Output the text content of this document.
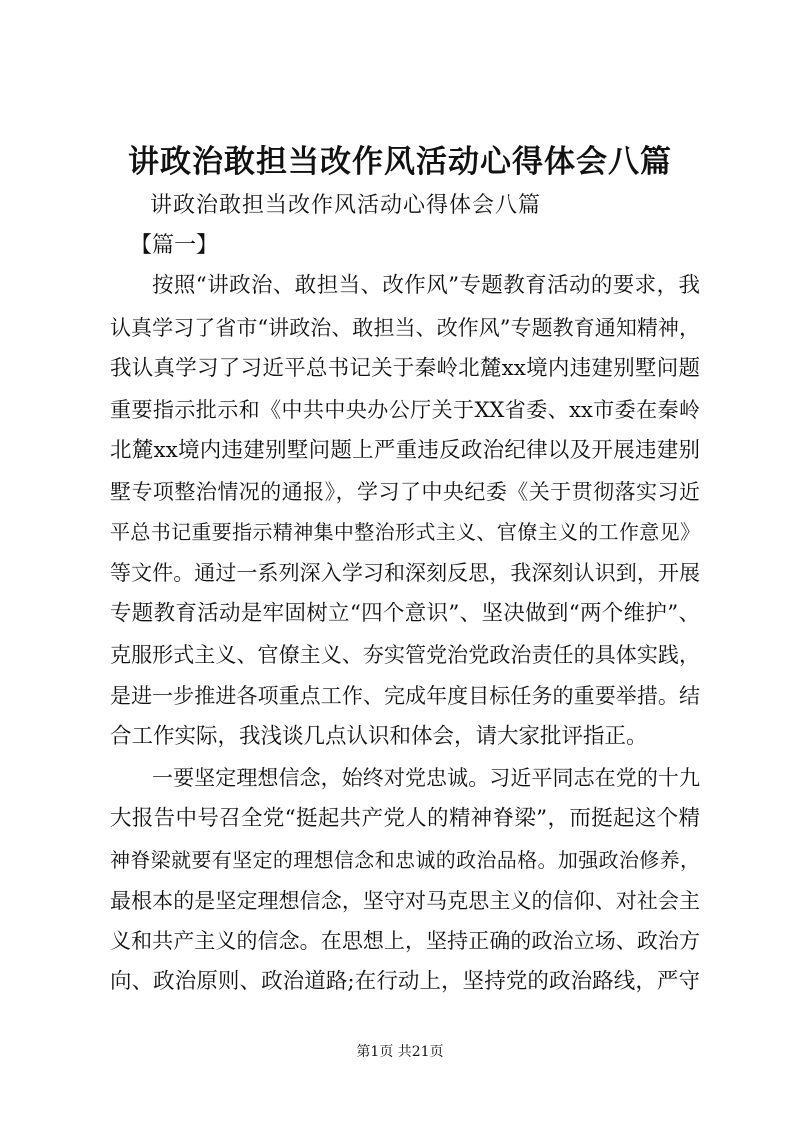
讲政治敢担当改作风活动心得体会八篇
讲政治敢担当改作风活动心得体会八篇
【篇一】
按照“讲政治、敢担当、改作风”专题教育活动的要求，我
认真学习了省市“讲政治、敢担当、改作风”专题教育通知精神，
我认真学习了习近平总书记关于秦岭北麓xx境内违建别墅问题
重要指示批示和《中共中央办公厅关于XX省委、xx市委在秦岭
北麓xx境内违建别墅问题上严重违反政治纪律以及开展违建别
墅专项整治情况的通报》，学习了中央纪委《关于贯彻落实习近
平总书记重要指示精神集中整治形式主义、官僚主义的工作意见》
等文件。通过一系列深入学习和深刻反思，我深刻认识到，开展
专题教育活动是牢固树立“四个意识”、坚决做到“两个维护”、
克服形式主义、官僚主义、夯实管党治党政治责任的具体实践，
是进一步推进各项重点工作、完成年度目标任务的重要举措。结
合工作实际，我浅谈几点认识和体会，请大家批评指正。
一要坚定理想信念，始终对党忠诚。习近平同志在党的十九
大报告中号召全党“挺起共产党人的精神脊梁”，而挺起这个精
神脊梁就要有坚定的理想信念和忠诚的政治品格。加强政治修养，
最根本的是坚定理想信念，坚守对马克思主义的信仰、对社会主
义和共产主义的信念。在思想上，坚持正确的政治立场、政治方
向、政治原则、政治道路;在行动上，坚持党的政治路线，严守
第1页 共21页
